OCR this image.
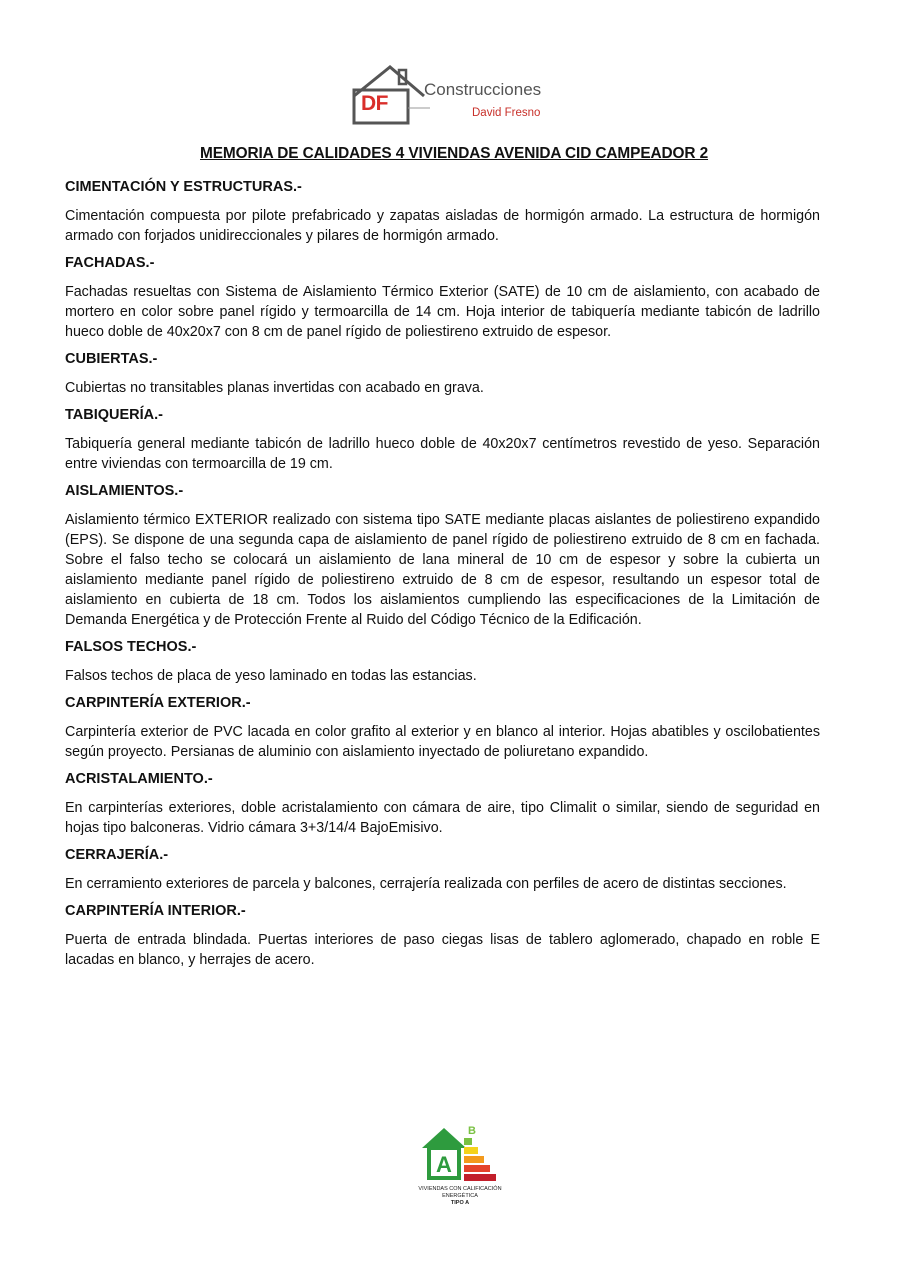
DF
Construcciones
David Fresno
MEMORIA DE CALIDADES 4 VIVIENDAS AVENIDA CID CAMPEADOR 2
CIMENTACIÓN Y ESTRUCTURAS.-

Cimentación compuesta por pilote prefabricado y zapatas aisladas de hormigón armado. La estructura de hormigón armado con forjados unidireccionales y pilares de hormigón armado.

FACHADAS.-

Fachadas resueltas con Sistema de Aislamiento Térmico Exterior (SATE) de 10 cm de aislamiento, con acabado de mortero en color sobre panel rígido y termoarcilla de 14 cm. Hoja interior de tabiquería mediante tabicón de ladrillo hueco doble de 40x20x7 con 8 cm de panel rígido de poliestireno extruido de espesor.

CUBIERTAS.-

Cubiertas no transitables planas invertidas con acabado en grava.

TABIQUERÍA.-

Tabiquería general mediante tabicón de ladrillo hueco doble de 40x20x7 centímetros revestido de yeso. Separación entre viviendas con termoarcilla de 19 cm.

AISLAMIENTOS.-

Aislamiento térmico EXTERIOR realizado con sistema tipo SATE mediante placas aislantes de poliestireno expandido (EPS). Se dispone de una segunda capa de aislamiento de panel rígido de poliestireno extruido de 8 cm en fachada. Sobre el falso techo se colocará un aislamiento de lana mineral de 10 cm de espesor y sobre la cubierta un aislamiento mediante panel rígido de poliestireno extruido de 8 cm de espesor, resultando un espesor total de aislamiento en cubierta de 18 cm. Todos los aislamientos cumpliendo las especificaciones de la Limitación de Demanda Energética y de Protección Frente al Ruido del Código Técnico de la Edificación.

FALSOS TECHOS.-

Falsos techos de placa de yeso laminado en todas las estancias.

CARPINTERÍA EXTERIOR.-

Carpintería exterior de PVC lacada en color grafito al exterior y en blanco al interior. Hojas abatibles y oscilobatientes según proyecto. Persianas de aluminio con aislamiento inyectado de poliuretano expandido.

ACRISTALAMIENTO.-

En carpinterías exteriores, doble acristalamiento con cámara de aire, tipo Climalit o similar, siendo de seguridad en hojas tipo balconeras. Vidrio cámara 3+3/14/4 BajoEmisivo.

CERRAJERÍA.-

En cerramiento exteriores de parcela y balcones, cerrajería realizada con perfiles de acero de distintas secciones.

CARPINTERÍA INTERIOR.-

Puerta de entrada blindada. Puertas interiores de paso ciegas lisas de tablero aglomerado, chapado en roble E lacadas en blanco, y herrajes de acero.

A
B
VIVIENDAS CON CALIFICACIÓN
ENERGÉTICA
TIPO A
